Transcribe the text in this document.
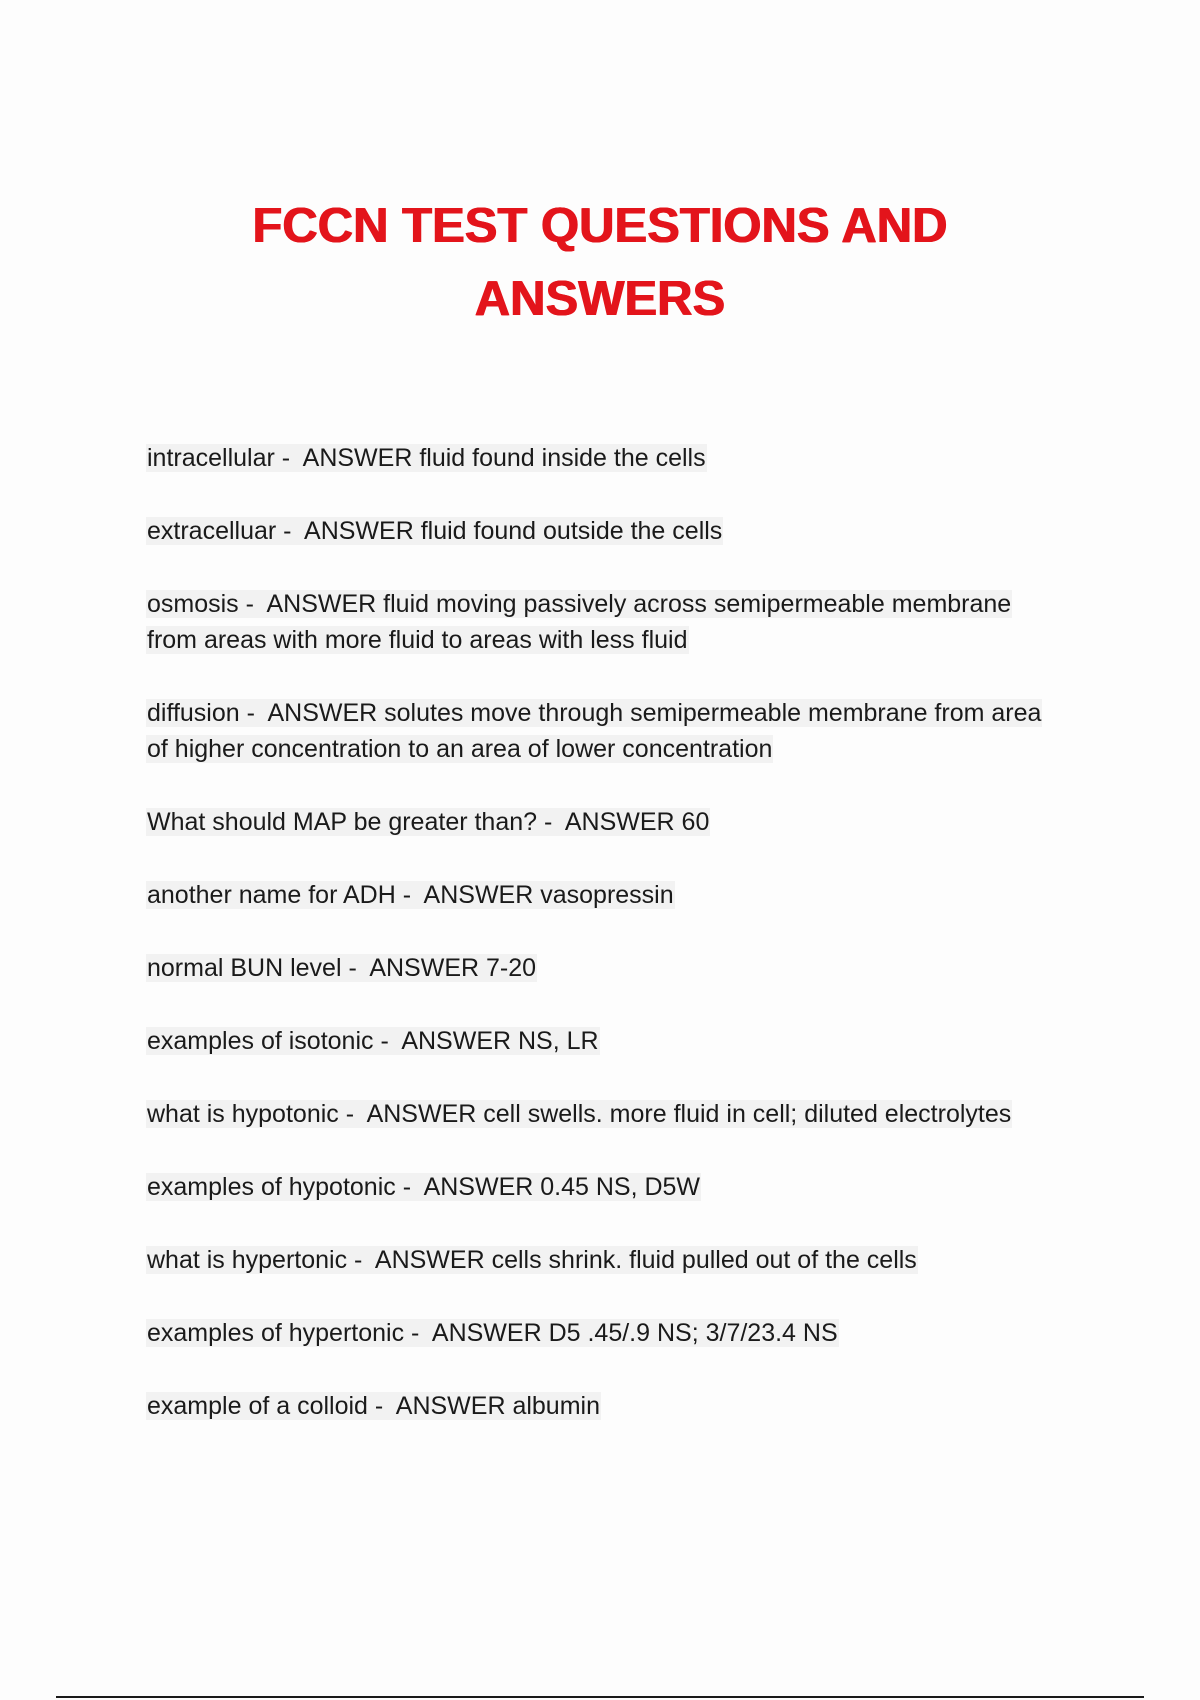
FCCN TEST QUESTIONS AND
ANSWERS
intracellular -  ANSWER fluid found inside the cells
extracelluar -  ANSWER fluid found outside the cells
osmosis -  ANSWER fluid moving passively across semipermeable membrane from areas with more fluid to areas with less fluid
diffusion -  ANSWER solutes move through semipermeable membrane from area of higher concentration to an area of lower concentration
What should MAP be greater than? -  ANSWER 60
another name for ADH -  ANSWER vasopressin
normal BUN level -  ANSWER 7-20
examples of isotonic -  ANSWER NS, LR
what is hypotonic -  ANSWER cell swells. more fluid in cell; diluted electrolytes
examples of hypotonic -  ANSWER 0.45 NS, D5W
what is hypertonic -  ANSWER cells shrink. fluid pulled out of the cells
examples of hypertonic -  ANSWER D5 .45/.9 NS; 3/7/23.4 NS
example of a colloid -  ANSWER albumin
